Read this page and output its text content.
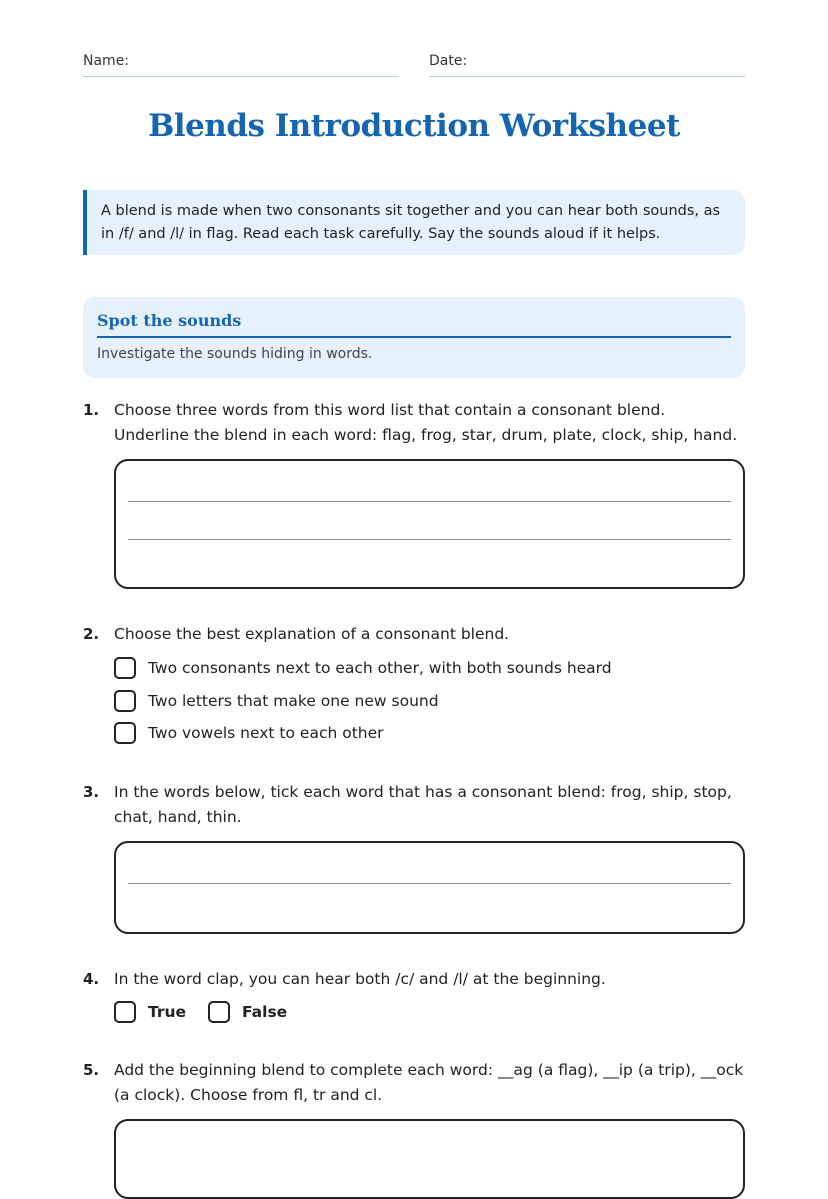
Name:	Date:
Blends Introduction Worksheet
A blend is made when two consonants sit together and you can hear both sounds, as in /f/ and /l/ in flag. Read each task carefully. Say the sounds aloud if it helps.
Spot the sounds
Investigate the sounds hiding in words.
1. Choose three words from this word list that contain a consonant blend. Underline the blend in each word: flag, frog, star, drum, plate, clock, ship, hand.
2. Choose the best explanation of a consonant blend.
Two consonants next to each other, with both sounds heard
Two letters that make one new sound
Two vowels next to each other
3. In the words below, tick each word that has a consonant blend: frog, ship, stop, chat, hand, thin.
4. In the word clap, you can hear both /c/ and /l/ at the beginning.
True	False
5. Add the beginning blend to complete each word: __ag (a flag), __ip (a trip), __ock (a clock). Choose from fl, tr and cl.
